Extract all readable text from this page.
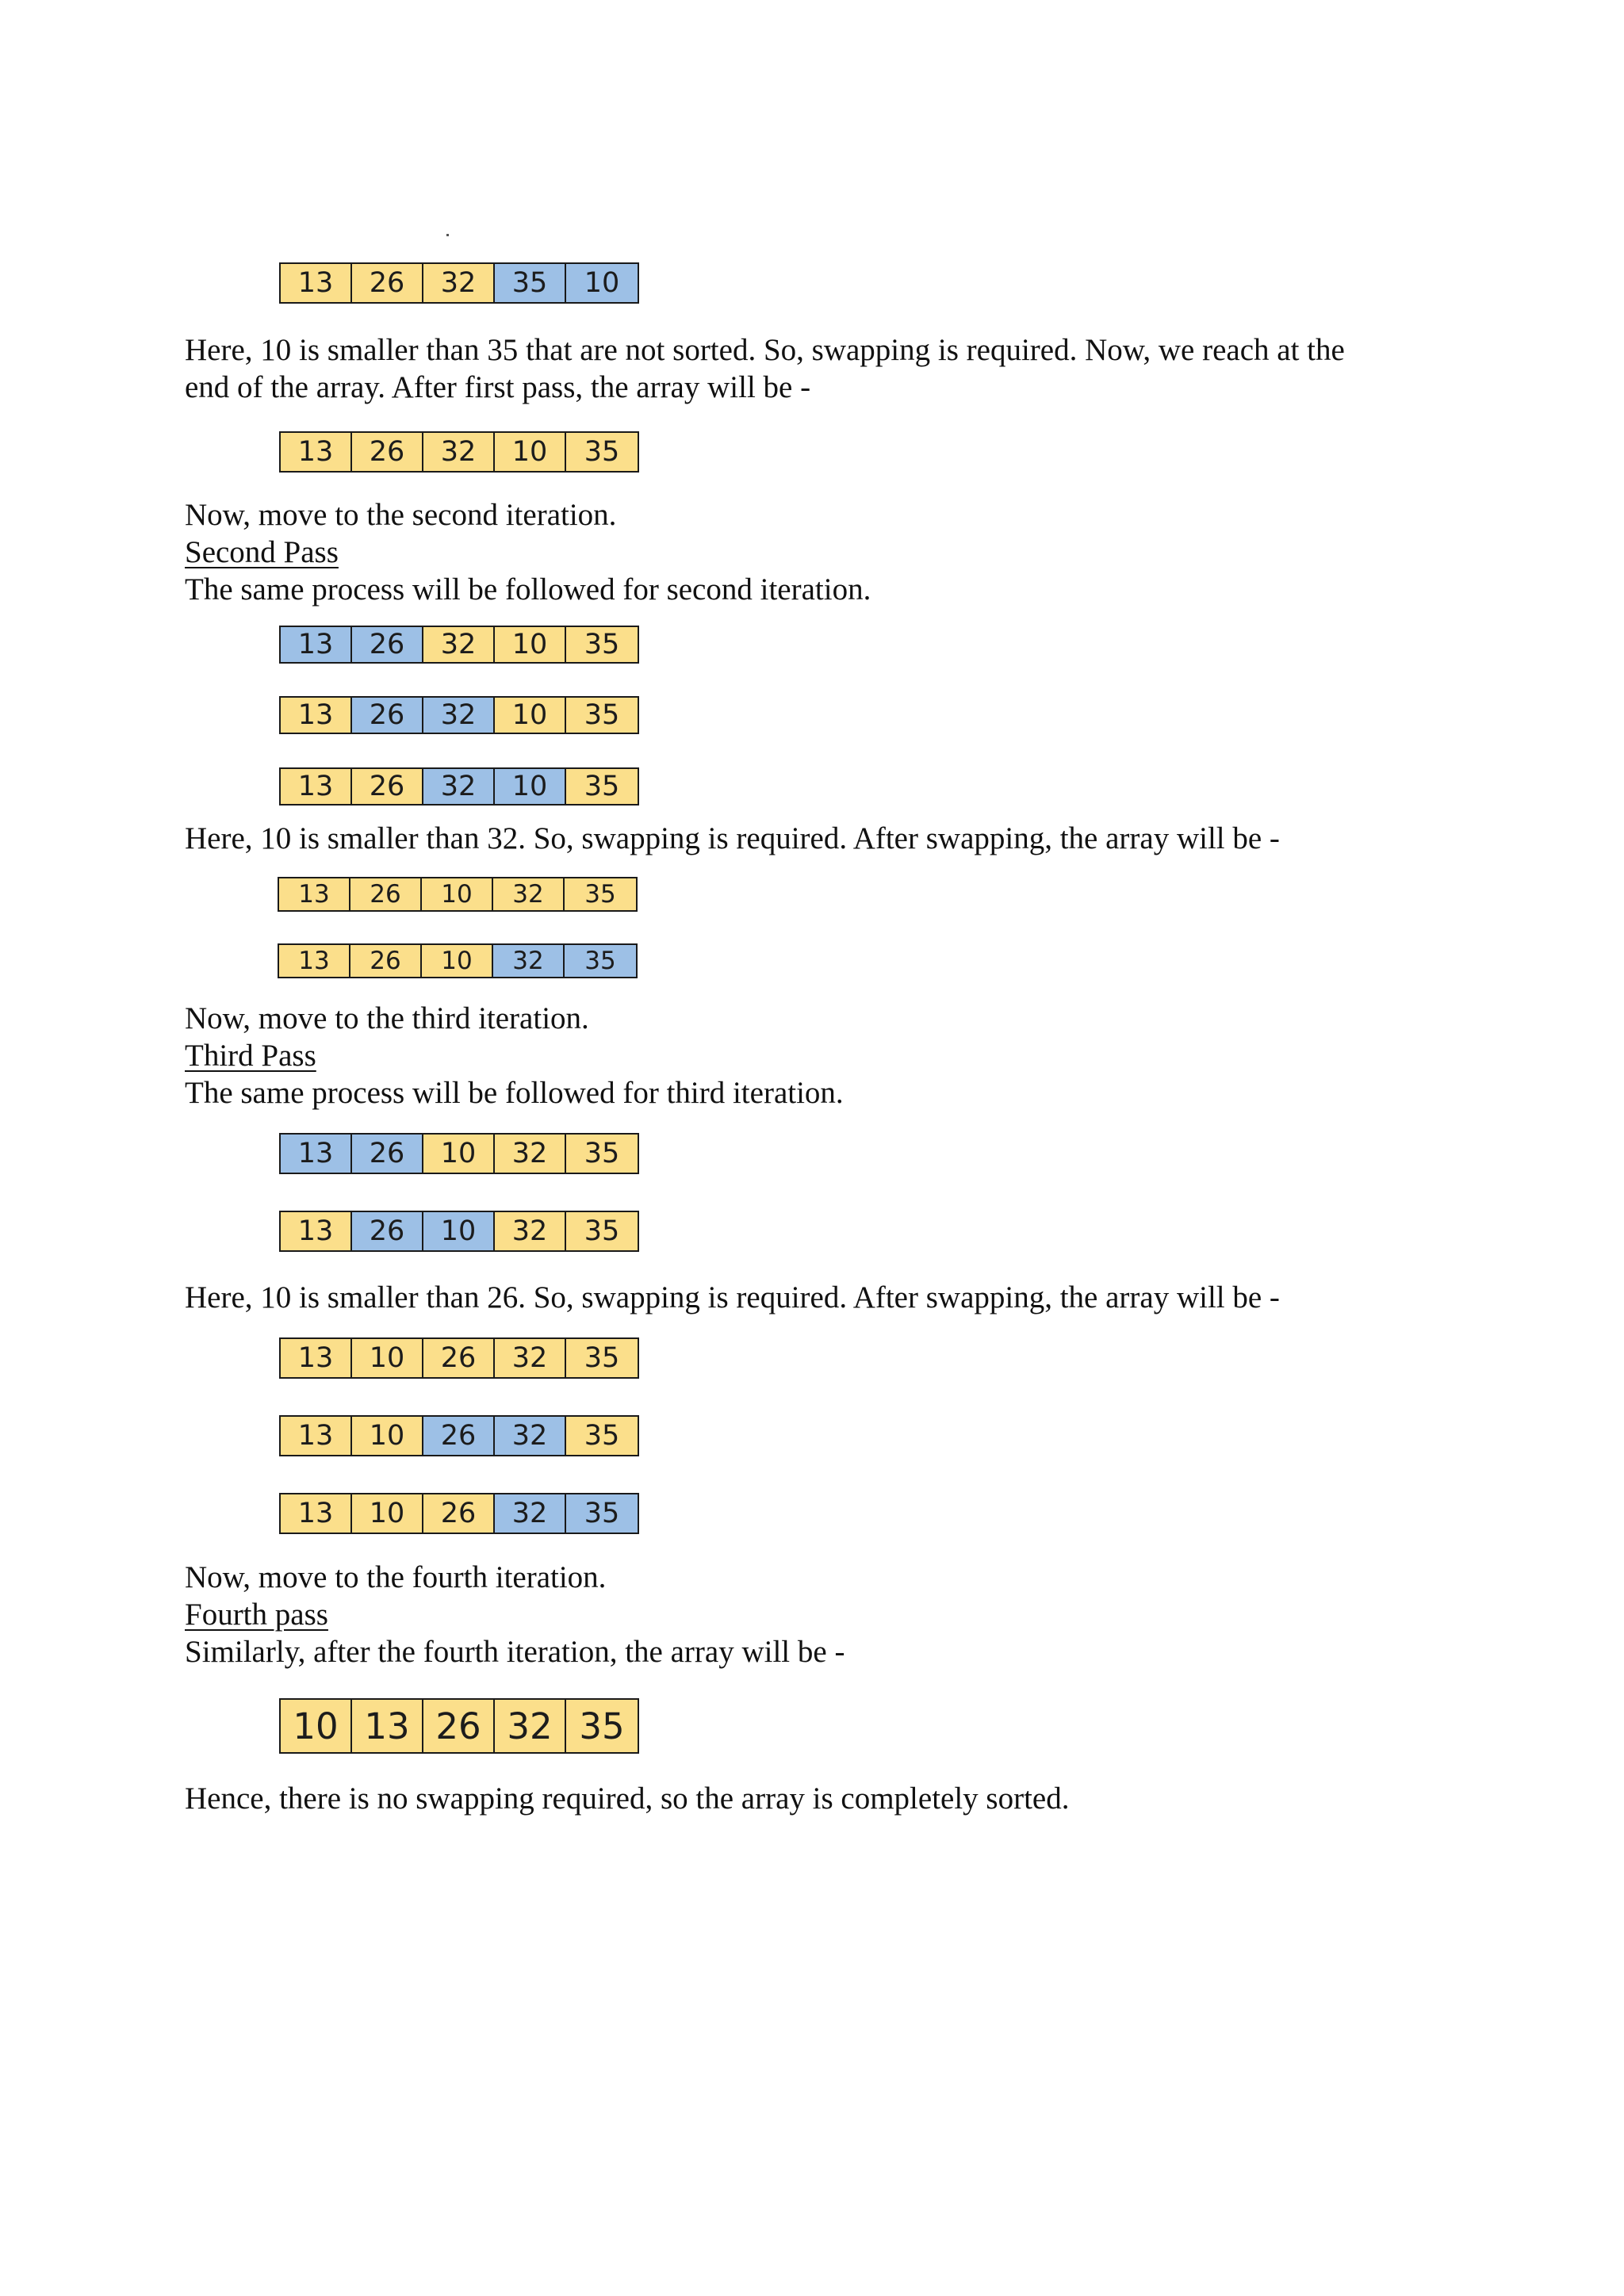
13	26	32	35	10
Here, 10 is smaller than 35 that are not sorted. So, swapping is required. Now, we reach at the
end of the array. After first pass, the array will be -
13	26	32	10	35
Now, move to the second iteration.
Second Pass
The same process will be followed for second iteration.
13	26	32	10	35
13	26	32	10	35
13	26	32	10	35
Here, 10 is smaller than 32. So, swapping is required. After swapping, the array will be -
13	26	10	32	35
13	26	10	32	35
Now, move to the third iteration.
Third Pass
The same process will be followed for third iteration.
13	26	10	32	35
13	26	10	32	35
Here, 10 is smaller than 26. So, swapping is required. After swapping, the array will be -
13	10	26	32	35
13	10	26	32	35
13	10	26	32	35
Now, move to the fourth iteration.
Fourth pass
Similarly, after the fourth iteration, the array will be -
10 13 26 32 35
Hence, there is no swapping required, so the array is completely sorted.
